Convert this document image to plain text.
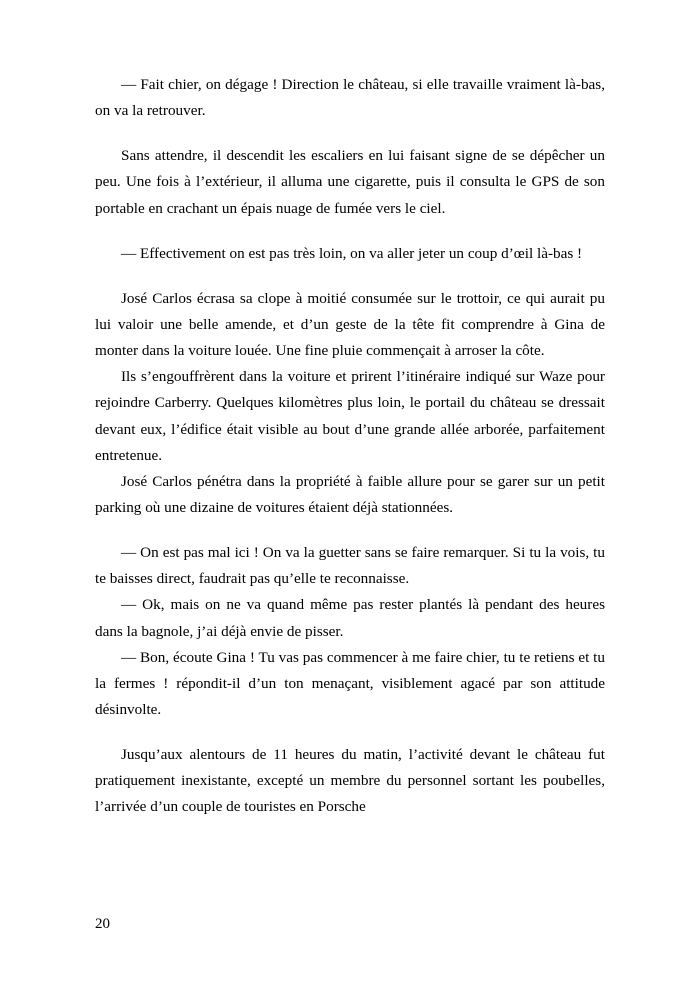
— Fait chier, on dégage ! Direction le château, si elle travaille vraiment là-bas, on va la retrouver.

Sans attendre, il descendit les escaliers en lui faisant signe de se dépêcher un peu. Une fois à l’extérieur, il alluma une cigarette, puis il consulta le GPS de son portable en crachant un épais nuage de fumée vers le ciel.

— Effectivement on est pas très loin, on va aller jeter un coup d’œil là-bas !

José Carlos écrasa sa clope à moitié consumée sur le trottoir, ce qui aurait pu lui valoir une belle amende, et d’un geste de la tête fit comprendre à Gina de monter dans la voiture louée. Une fine pluie commençait à arroser la côte.

Ils s’engouffrèrent dans la voiture et prirent l’itinéraire indiqué sur Waze pour rejoindre Carberry. Quelques kilomètres plus loin, le portail du château se dressait devant eux, l’édifice était visible au bout d’une grande allée arborée, parfaitement entretenue.

José Carlos pénétra dans la propriété à faible allure pour se garer sur un petit parking où une dizaine de voitures étaient déjà stationnées.

— On est pas mal ici ! On va la guetter sans se faire remarquer. Si tu la vois, tu te baisses direct, faudrait pas qu’elle te reconnaisse.

— Ok, mais on ne va quand même pas rester plantés là pendant des heures dans la bagnole, j’ai déjà envie de pisser.

— Bon, écoute Gina ! Tu vas pas commencer à me faire chier, tu te retiens et tu la fermes ! répondit-il d’un ton menaçant, visiblement agacé par son attitude désinvolte.

Jusqu’aux alentours de 11 heures du matin, l’activité devant le château fut pratiquement inexistante, excepté un membre du personnel sortant les poubelles, l’arrivée d’un couple de touristes en Porsche

20
